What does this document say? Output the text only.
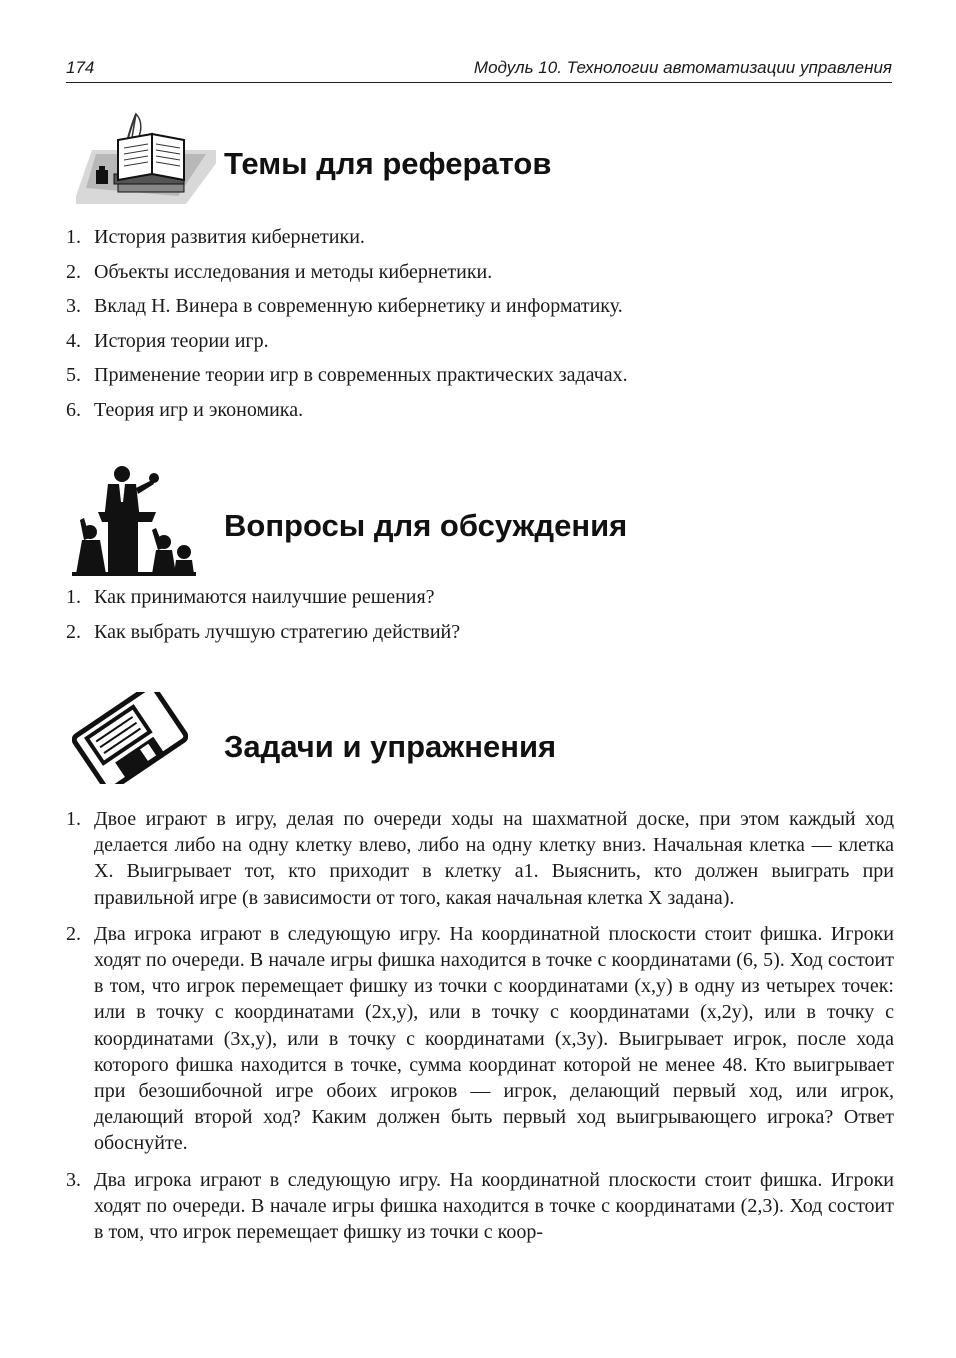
174	Модуль 10. Технологии автоматизации управления
Темы для рефератов
1. История развития кибернетики.
2. Объекты исследования и методы кибернетики.
3. Вклад Н. Винера в современную кибернетику и информатику.
4. История теории игр.
5. Применение теории игр в современных практических задачах.
6. Теория игр и экономика.
Вопросы для обсуждения
1. Как принимаются наилучшие решения?
2. Как выбрать лучшую стратегию действий?
Задачи и упражнения
1. Двое играют в игру, делая по очереди ходы на шахматной доске, при этом каждый ход делается либо на одну клетку влево, либо на одну клетку вниз. Начальная клетка — клетка X. Выигрывает тот, кто приходит в клетку a1. Выяснить, кто должен выиграть при правильной игре (в зависимости от того, какая начальная клетка X задана).
2. Два игрока играют в следующую игру. На координатной плоскости стоит фишка. Игроки ходят по очереди. В начале игры фишка находится в точке с координатами (6, 5). Ход состоит в том, что игрок перемещает фишку из точки с координатами (x,y) в одну из четырех точек: или в точку с координатами (2x,y), или в точку с координатами (x,2y), или в точку с координатами (3x,y), или в точку с координатами (x,3y). Выигрывает игрок, после хода которого фишка находится в точке, сумма координат которой не менее 48. Кто выигрывает при безошибочной игре обоих игроков — игрок, делающий первый ход, или игрок, делающий второй ход? Каким должен быть первый ход выигрывающего игрока? Ответ обоснуйте.
3. Два игрока играют в следующую игру. На координатной плоскости стоит фишка. Игроки ходят по очереди. В начале игры фишка находится в точке с координатами (2,3). Ход состоит в том, что игрок перемещает фишку из точки с коор-
